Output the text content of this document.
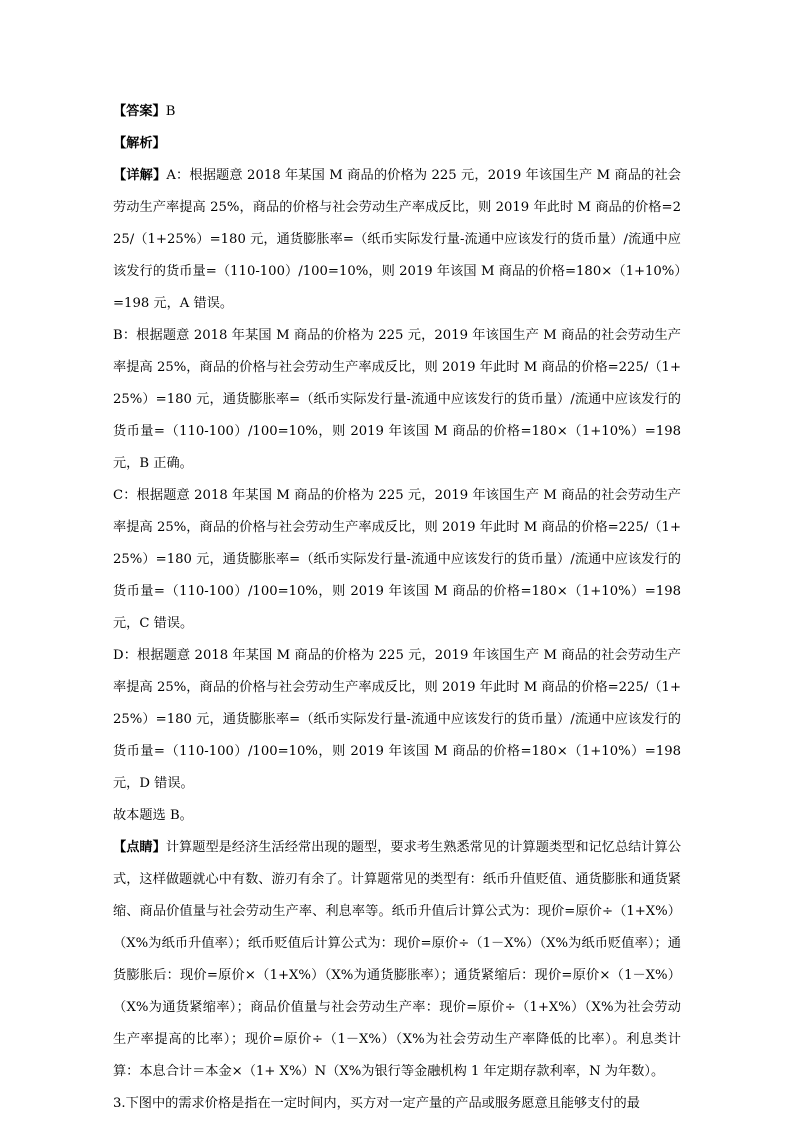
【答案】B

【解析】

【详解】A：根据题意 2018 年某国 M 商品的价格为 225 元，2019 年该国生产 M 商品的社会劳动生产率提高 25%，商品的价格与社会劳动生产率成反比，则 2019 年此时 M 商品的价格=225/（1+25%）=180 元，通货膨胀率=（纸币实际发行量-流通中应该发行的货币量）/流通中应该发行的货币量=（110-100）/100=10%，则 2019 年该国 M 商品的价格=180×（1+10%）=198 元，A 错误。

B：根据题意 2018 年某国 M 商品的价格为 225 元，2019 年该国生产 M 商品的社会劳动生产率提高 25%，商品的价格与社会劳动生产率成反比，则 2019 年此时 M 商品的价格=225/（1+25%）=180 元，通货膨胀率=（纸币实际发行量-流通中应该发行的货币量）/流通中应该发行的货币量=（110-100）/100=10%，则 2019 年该国 M 商品的价格=180×（1+10%）=198 元，B 正确。

C：根据题意 2018 年某国 M 商品的价格为 225 元，2019 年该国生产 M 商品的社会劳动生产率提高 25%，商品的价格与社会劳动生产率成反比，则 2019 年此时 M 商品的价格=225/（1+25%）=180 元，通货膨胀率=（纸币实际发行量-流通中应该发行的货币量）/流通中应该发行的货币量=（110-100）/100=10%，则 2019 年该国 M 商品的价格=180×（1+10%）=198 元，C 错误。

D：根据题意 2018 年某国 M 商品的价格为 225 元，2019 年该国生产 M 商品的社会劳动生产率提高 25%，商品的价格与社会劳动生产率成反比，则 2019 年此时 M 商品的价格=225/（1+25%）=180 元，通货膨胀率=（纸币实际发行量-流通中应该发行的货币量）/流通中应该发行的货币量=（110-100）/100=10%，则 2019 年该国 M 商品的价格=180×（1+10%）=198 元，D 错误。

故本题选 B。

【点睛】计算题型是经济生活经常出现的题型，要求考生熟悉常见的计算题类型和记忆总结计算公式，这样做题就心中有数、游刃有余了。计算题常见的类型有：纸币升值贬值、通货膨胀和通货紧缩、商品价值量与社会劳动生产率、利息率等。纸币升值后计算公式为：现价=原价÷（1+X%）（X%为纸币升值率）；纸币贬值后计算公式为：现价=原价÷（1－X%）（X%为纸币贬值率）；通货膨胀后：现价=原价×（1+X%）（X%为通货膨胀率）；通货紧缩后：现价=原价×（1－X%）（X%为通货紧缩率）；商品价值量与社会劳动生产率：现价=原价÷（1+X%）（X%为社会劳动生产率提高的比率）；现价=原价÷（1－X%）（X%为社会劳动生产率降低的比率）。利息类计算：本息合计＝本金×（1+ X%）N（X%为银行等金融机构 1 年定期存款利率，N 为年数）。

3.下图中的需求价格是指在一定时间内，买方对一定产量的产品或服务愿意且能够支付的最
